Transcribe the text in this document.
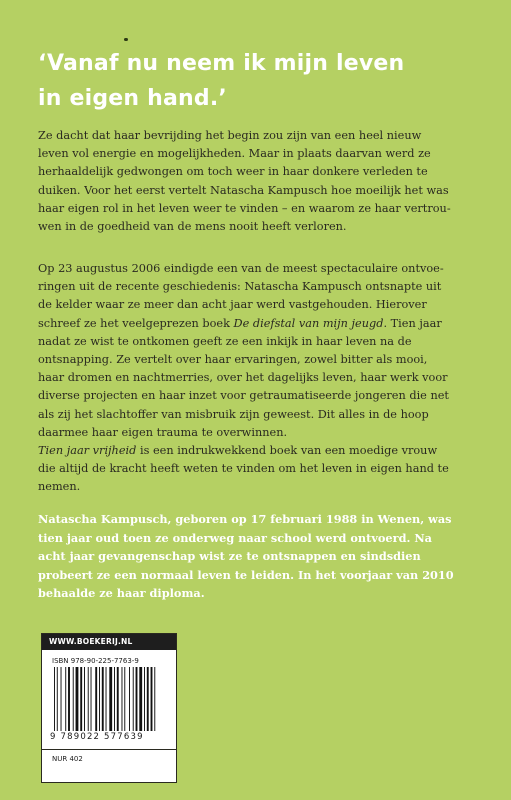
‘Vanaf nu neem ik mijn leven
in eigen hand.’
Ze dacht dat haar bevrijding het begin zou zijn van een heel nieuw
leven vol energie en mogelijkheden. Maar in plaats daarvan werd ze
herhaaldelijk gedwongen om toch weer in haar donkere verleden te
duiken. Voor het eerst vertelt Natascha Kampusch hoe moeilijk het was
haar eigen rol in het leven weer te vinden – en waarom ze haar vertrou-
wen in de goedheid van de mens nooit heeft verloren.
Op 23 augustus 2006 eindigde een van de meest spectaculaire ontvoe-
ringen uit de recente geschiedenis: Natascha Kampusch ontsnapte uit
de kelder waar ze meer dan acht jaar werd vastgehouden. Hierover
schreef ze het veelgeprezen boek De diefstal van mijn jeugd. Tien jaar
nadat ze wist te ontkomen geeft ze een inkijk in haar leven na de
ontsnapping. Ze vertelt over haar ervaringen, zowel bitter als mooi,
haar dromen en nachtmerries, over het dagelijks leven, haar werk voor
diverse projecten en haar inzet voor getraumatiseerde jongeren die net
als zij het slachtoffer van misbruik zijn geweest. Dit alles in de hoop
daarmee haar eigen trauma te overwinnen.
Tien jaar vrijheid is een indrukwekkend boek van een moedige vrouw
die altijd de kracht heeft weten te vinden om het leven in eigen hand te
nemen.
Natascha Kampusch, geboren op 17 februari 1988 in Wenen, was
tien jaar oud toen ze onderweg naar school werd ontvoerd. Na
acht jaar gevangenschap wist ze te ontsnappen en sindsdien
probeert ze een normaal leven te leiden. In het voorjaar van 2010
behaalde ze haar diploma.
WWW.BOEKERIJ.NL
ISBN 978-90-225-7763-9
9 789022 577639
NUR 402
